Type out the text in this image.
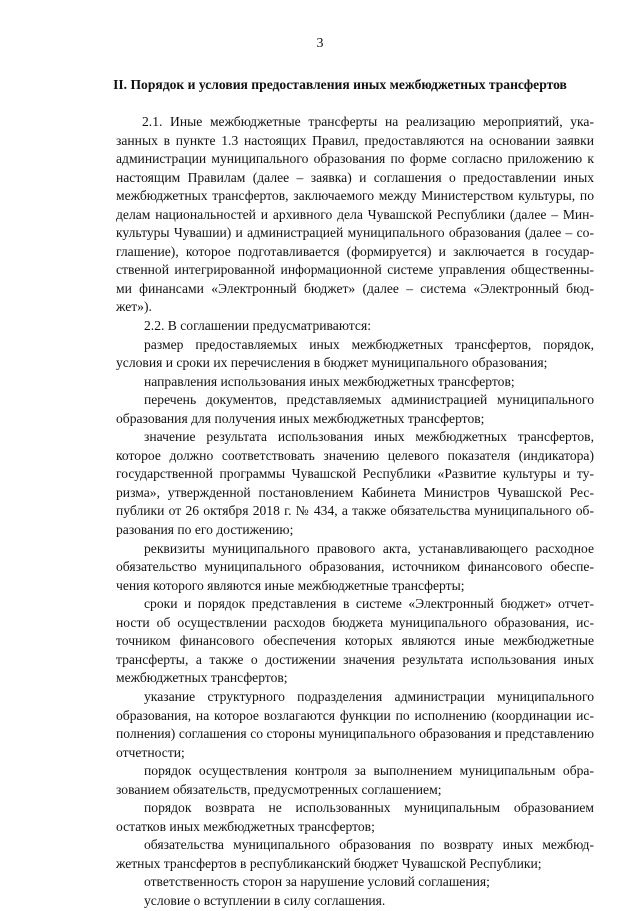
3
II. Порядок и условия предоставления иных межбюджетных трансфертов

2.1. Иные межбюджетные трансферты на реализацию мероприятий, указанных в пункте 1.3 настоящих Правил, предоставляются на основании заявки администрации муниципального образования по форме согласно приложению к настоящим Правилам (далее – заявка) и соглашения о предоставлении иных межбюджетных трансфертов, заключаемого между Министерством культуры, по делам национальностей и архивного дела Чувашской Республики (далее – Минкультуры Чувашии) и администрацией муниципального образования (далее – соглашение), которое подготавливается (формируется) и заключается в государственной интегрированной информационной системе управления общественными финансами «Электронный бюджет» (далее – система «Электронный бюджет»).

2.2. В соглашении предусматриваются:

размер предоставляемых иных межбюджетных трансфертов, порядок, условия и сроки их перечисления в бюджет муниципального образования;

направления использования иных межбюджетных трансфертов;

перечень документов, представляемых администрацией муниципального образования для получения иных межбюджетных трансфертов;

значение результата использования иных межбюджетных трансфертов, которое должно соответствовать значению целевого показателя (индикатора) государственной программы Чувашской Республики «Развитие культуры и туризма», утвержденной постановлением Кабинета Министров Чувашской Республики от 26 октября 2018 г. № 434, а также обязательства муниципального образования по его достижению;

реквизиты муниципального правового акта, устанавливающего расходное обязательство муниципального образования, источником финансового обеспечения которого являются иные межбюджетные трансферты;

сроки и порядок представления в системе «Электронный бюджет» отчетности об осуществлении расходов бюджета муниципального образования, источником финансового обеспечения которых являются иные межбюджетные трансферты, а также о достижении значения результата использования иных межбюджетных трансфертов;

указание структурного подразделения администрации муниципального образования, на которое возлагаются функции по исполнению (координации исполнения) соглашения со стороны муниципального образования и представлению отчетности;

порядок осуществления контроля за выполнением муниципальным образованием обязательств, предусмотренных соглашением;

порядок возврата не использованных муниципальным образованием остатков иных межбюджетных трансфертов;

обязательства муниципального образования по возврату иных межбюджетных трансфертов в республиканский бюджет Чувашской Республики;

ответственность сторон за нарушение условий соглашения;

условие о вступлении в силу соглашения.
